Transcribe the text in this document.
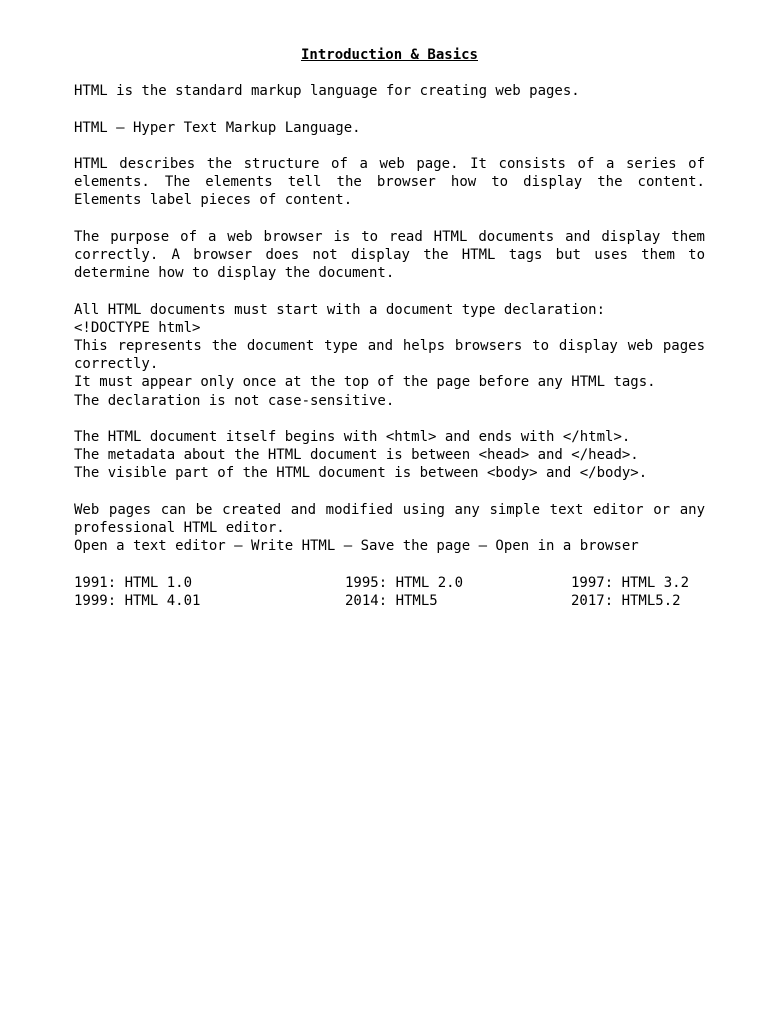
Introduction & Basics

HTML is the standard markup language for creating web pages.

HTML – Hyper Text Markup Language.

HTML describes the structure of a web page. It consists of a series of elements. The elements tell the browser how to display the content. Elements label pieces of content.

The purpose of a web browser is to read HTML documents and display them correctly. A browser does not display the HTML tags but uses them to determine how to display the document.

All HTML documents must start with a document type declaration:

<!DOCTYPE html>

This represents the document type and helps browsers to display web pages correctly.

It must appear only once at the top of the page before any HTML tags.

The declaration is not case-sensitive.

The HTML document itself begins with <html> and ends with </html>.

The metadata about the HTML document is between <head> and </head>.

The visible part of the HTML document is between <body> and </body>.

Web pages can be created and modified using any simple text editor or any professional HTML editor.

Open a text editor – Write HTML – Save the page – Open in a browser

1991: HTML 1.0	1995: HTML 2.0	1997: HTML 3.2
1999: HTML 4.01	2014: HTML5	2017: HTML5.2
